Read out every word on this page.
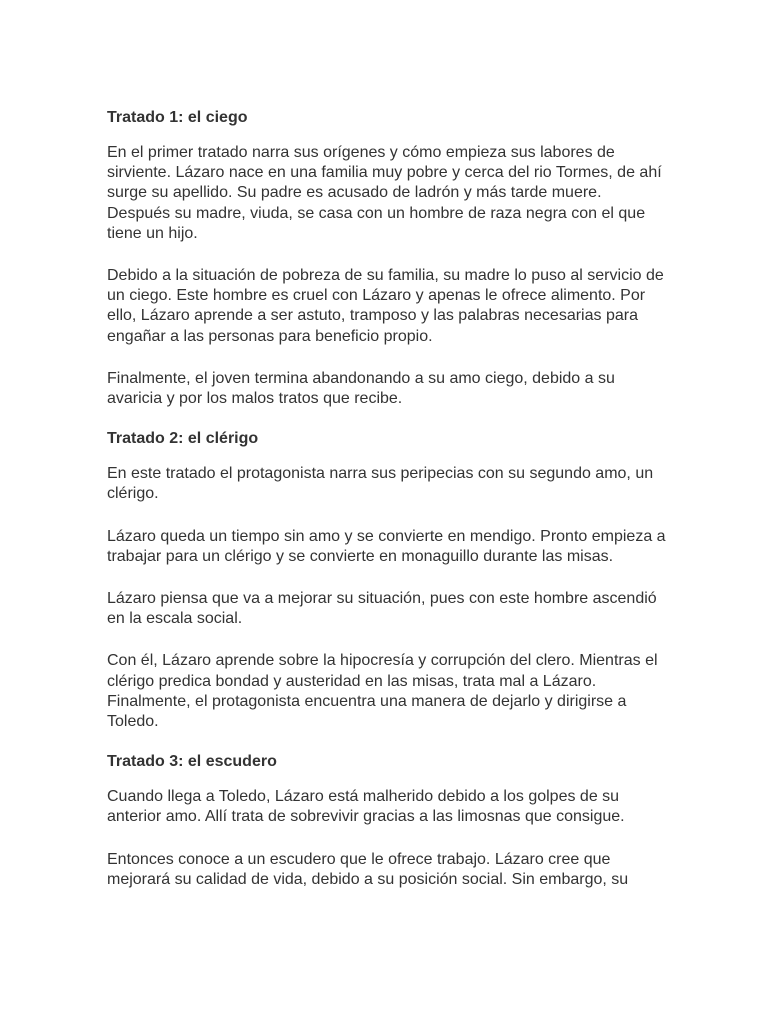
Tratado 1: el ciego

En el primer tratado narra sus orígenes y cómo empieza sus labores de sirviente. Lázaro nace en una familia muy pobre y cerca del rio Tormes, de ahí surge su apellido. Su padre es acusado de ladrón y más tarde muere. Después su madre, viuda, se casa con un hombre de raza negra con el que tiene un hijo.

Debido a la situación de pobreza de su familia, su madre lo puso al servicio de un ciego. Este hombre es cruel con Lázaro y apenas le ofrece alimento. Por ello, Lázaro aprende a ser astuto, tramposo y las palabras necesarias para engañar a las personas para beneficio propio.

Finalmente, el joven termina abandonando a su amo ciego, debido a su avaricia y por los malos tratos que recibe.

Tratado 2: el clérigo

En este tratado el protagonista narra sus peripecias con su segundo amo, un clérigo.

Lázaro queda un tiempo sin amo y se convierte en mendigo. Pronto empieza a trabajar para un clérigo y se convierte en monaguillo durante las misas.

Lázaro piensa que va a mejorar su situación, pues con este hombre ascendió en la escala social.

Con él, Lázaro aprende sobre la hipocresía y corrupción del clero. Mientras el clérigo predica bondad y austeridad en las misas, trata mal a Lázaro. Finalmente, el protagonista encuentra una manera de dejarlo y dirigirse a Toledo.

Tratado 3: el escudero

Cuando llega a Toledo, Lázaro está malherido debido a los golpes de su anterior amo. Allí trata de sobrevivir gracias a las limosnas que consigue.

Entonces conoce a un escudero que le ofrece trabajo. Lázaro cree que mejorará su calidad de vida, debido a su posición social. Sin embargo, su
